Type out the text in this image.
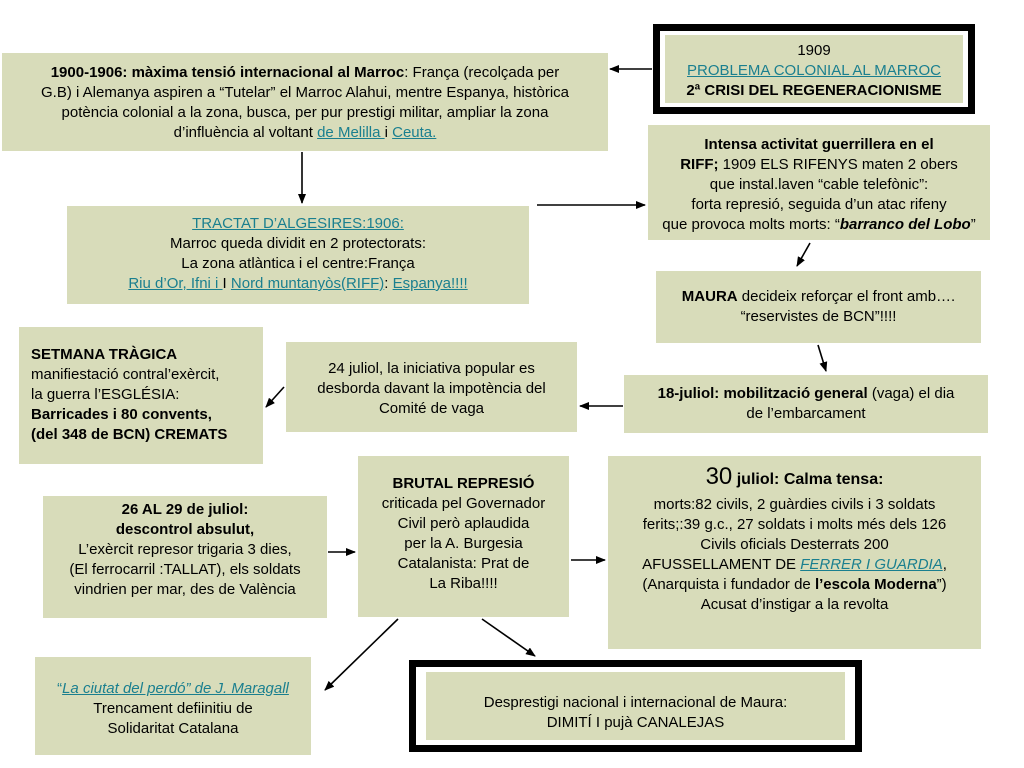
1909
PROBLEMA COLONIAL AL MARROC
2ª CRISI DEL REGENERACIONISME
1900-1906: màxima tensió internacional al Marroc: França (recolçada per
G.B) i Alemanya aspiren a “Tutelar” el Marroc Alahui, mentre Espanya, històrica
potència colonial a la zona, busca, per pur prestigi militar, ampliar la zona
d’influència al voltant de Melilla i Ceuta.
TRACTAT D’ALGESIRES:1906:
Marroc queda dividit en 2 protectorats:
La zona atlàntica i el centre:França
Riu d’Or, Ifni i I Nord muntanyòs(RIFF): Espanya!!!!
Intensa activitat guerrillera en el
RIFF; 1909 ELS RIFENYS maten 2 obers
que instal.laven “cable telefònic”:
forta represió, seguida d’un atac rifeny
que provoca molts morts: “barranco del Lobo”
MAURA decideix reforçar el front amb….
“reservistes de BCN”!!!!
18-juliol: mobilització general (vaga) el dia
de l’embarcament
24 juliol, la iniciativa popular es
desborda davant la impotència del
Comité de vaga
SETMANA TRÀGICA
manifiestació contral’exèrcit,
la guerra l’ESGLÉSIA:
Barricades i 80 convents,
(del 348 de BCN) CREMATS
26 AL 29 de juliol:
descontrol absulut,
L’exèrcit represor trigaria 3 dies,
(El ferrocarril :TALLAT), els soldats
vindrien per mar, des de València
BRUTAL REPRESIÓ
criticada pel Governador
Civil però aplaudida
per la A. Burgesia
Catalanista: Prat de
La Riba!!!!
30 juliol: Calma tensa:
morts:82 civils, 2 guàrdies civils i 3 soldats
ferits;:39 g.c., 27 soldats i molts més dels 126
Civils oficials Desterrats 200
AFUSSELLAMENT DE FERRER I GUARDIA,
(Anarquista i fundador de l’escola Moderna”)
Acusat d’instigar a la revolta
“La ciutat del perdó” de J. Maragall
Trencament defiinitiu de
Solidaritat Catalana
Desprestigi nacional i internacional de Maura:
DIMITÍ I pujà CANALEJAS
